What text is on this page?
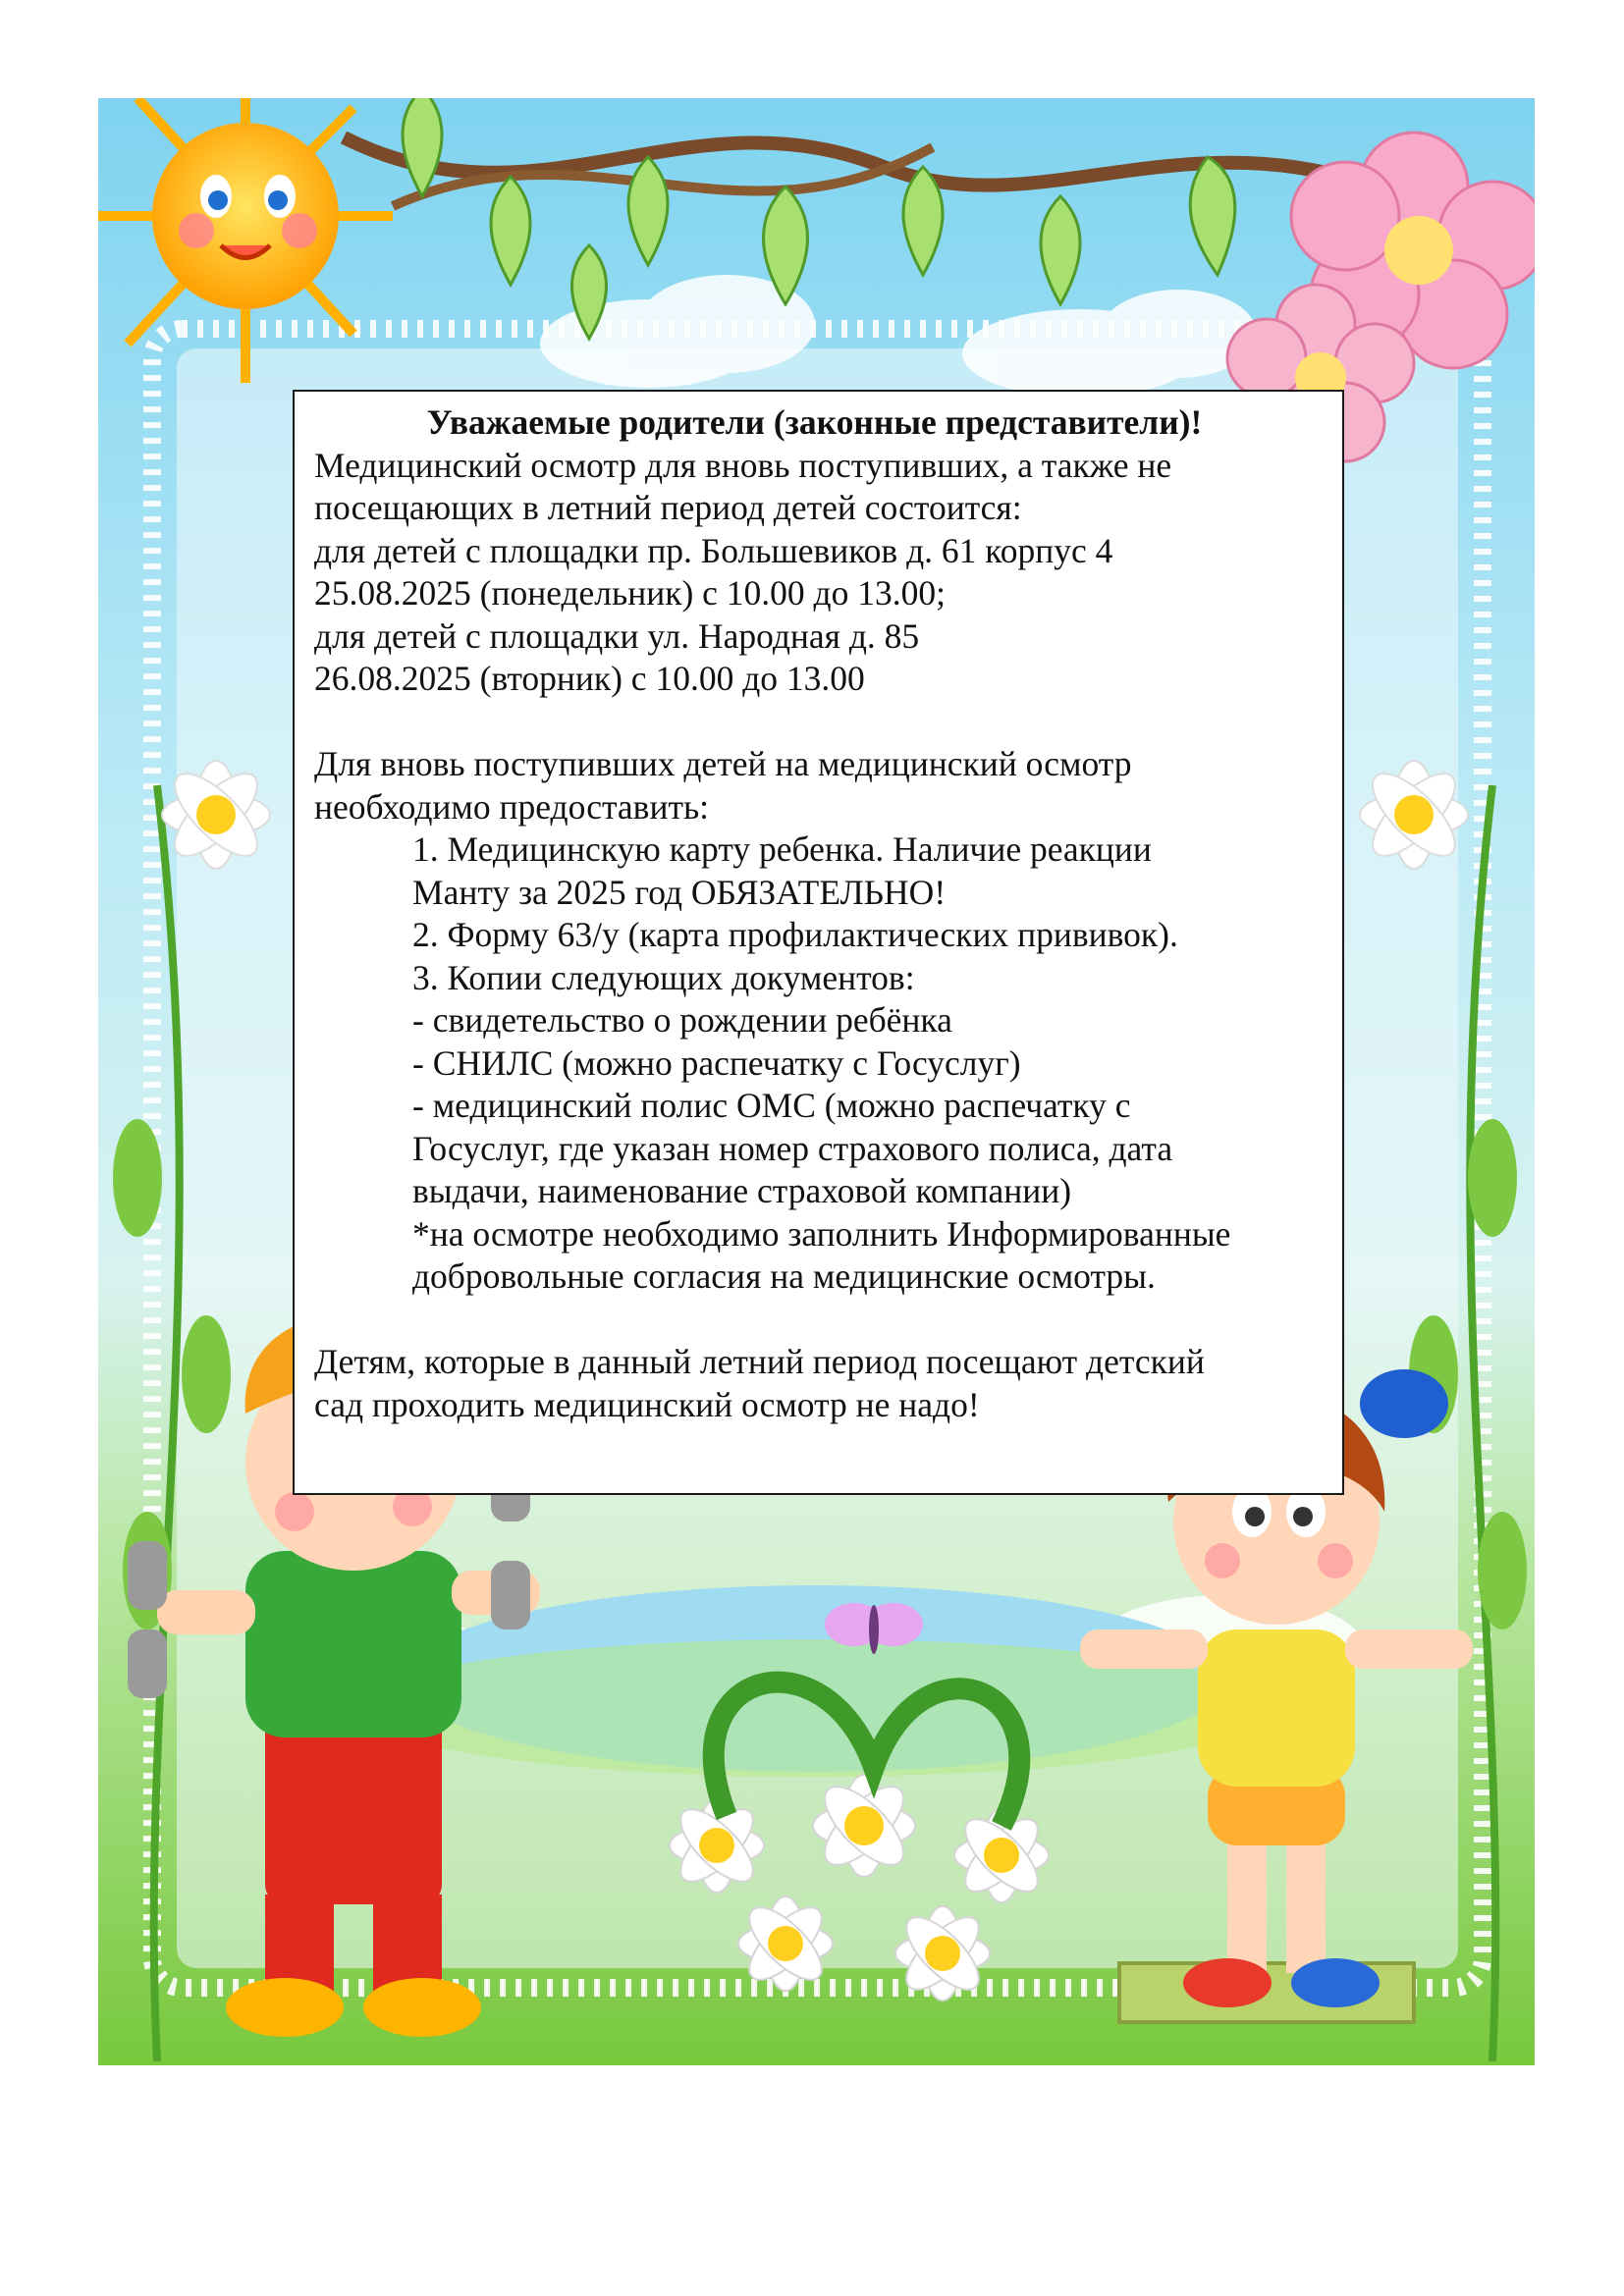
Уважаемые родители (законные представители)!

Медицинский осмотр для вновь поступивших, а также не

посещающих в летний период детей состоится:

для детей с площадки пр. Большевиков д. 61 корпус 4

25.08.2025 (понедельник) с 10.00 до 13.00;

для детей с площадки ул. Народная д. 85

26.08.2025 (вторник) с 10.00 до 13.00

Для вновь поступивших детей на медицинский осмотр

необходимо предоставить:

1. Медицинскую карту ребенка. Наличие реакции

Манту за 2025 год ОБЯЗАТЕЛЬНО!

2. Форму 63/у (карта профилактических прививок).

3. Копии следующих документов:

- свидетельство о рождении ребёнка

- СНИЛС (можно распечатку с Госуслуг)

- медицинский полис ОМС (можно распечатку с

Госуслуг, где указан номер страхового полиса, дата

выдачи, наименование страховой компании)

*на осмотре необходимо заполнить Информированные

добровольные согласия на медицинские осмотры.

Детям, которые в данный летний период посещают детский

сад проходить медицинский осмотр не надо!
